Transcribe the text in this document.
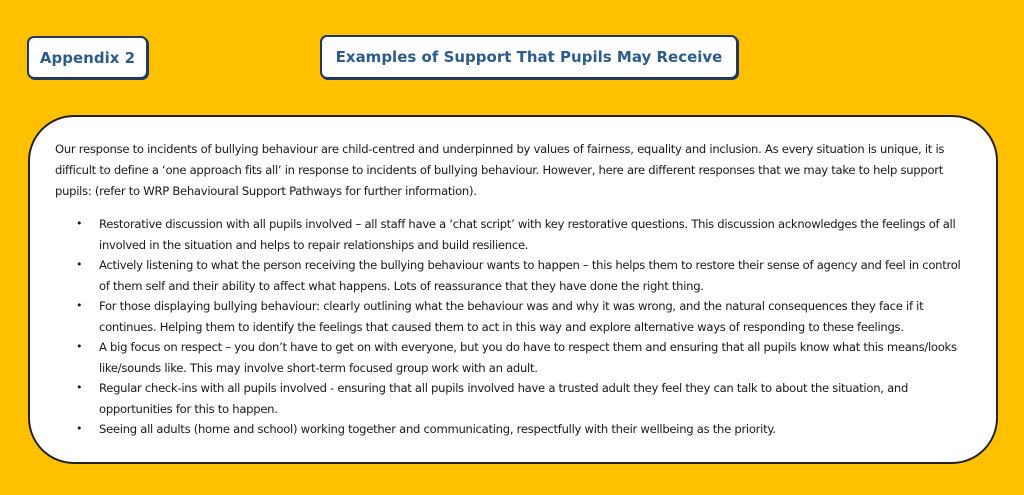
Appendix 2	Examples of Support That Pupils May Receive

Our response to incidents of bullying behaviour are child-centred and underpinned by values of fairness, equality and inclusion. As every situation is unique, it is difficult to define a ‘one approach fits all’ in response to incidents of bullying behaviour. However, here are different responses that we may take to help support pupils: (refer to WRP Behavioural Support Pathways for further information).

• Restorative discussion with all pupils involved – all staff have a ‘chat script’ with key restorative questions. This discussion acknowledges the feelings of all involved in the situation and helps to repair relationships and build resilience.
• Actively listening to what the person receiving the bullying behaviour wants to happen – this helps them to restore their sense of agency and feel in control of them self and their ability to affect what happens. Lots of reassurance that they have done the right thing.
• For those displaying bullying behaviour: clearly outlining what the behaviour was and why it was wrong, and the natural consequences they face if it continues. Helping them to identify the feelings that caused them to act in this way and explore alternative ways of responding to these feelings.
• A big focus on respect – you don’t have to get on with everyone, but you do have to respect them and ensuring that all pupils know what this means/looks like/sounds like. This may involve short-term focused group work with an adult.
• Regular check-ins with all pupils involved - ensuring that all pupils involved have a trusted adult they feel they can talk to about the situation, and opportunities for this to happen.
• Seeing all adults (home and school) working together and communicating, respectfully with their wellbeing as the priority.
